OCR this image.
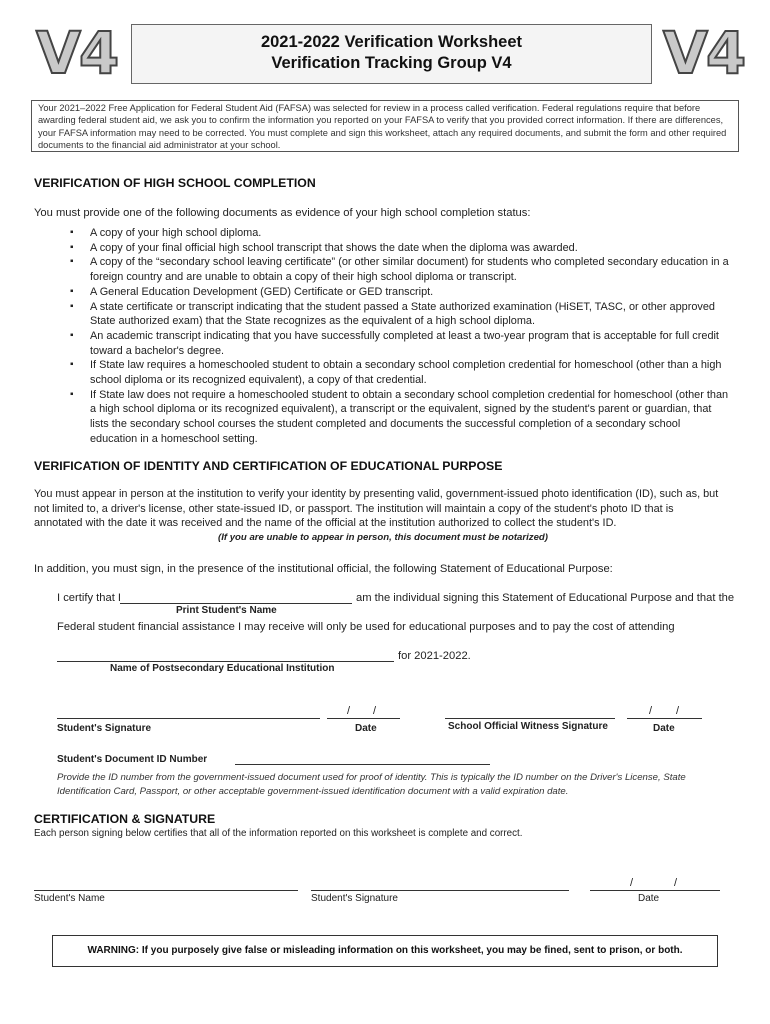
V4	2021-2022 Verification Worksheet
Verification Tracking Group V4	V4
Your 2021–2022 Free Application for Federal Student Aid (FAFSA) was selected for review in a process called verification. Federal regulations require that before awarding federal student aid, we ask you to confirm the information you reported on your FAFSA to verify that you provided correct information. If there are differences, your FAFSA information may need to be corrected. You must complete and sign this worksheet, attach any required documents, and submit the form and other required documents to the financial aid administrator at your school.
VERIFICATION OF HIGH SCHOOL COMPLETION
You must provide one of the following documents as evidence of your high school completion status:
▪ A copy of your high school diploma.
▪ A copy of your final official high school transcript that shows the date when the diploma was awarded.
▪ A copy of the “secondary school leaving certificate” (or other similar document) for students who completed secondary education in a foreign country and are unable to obtain a copy of their high school diploma or transcript.
▪ A General Education Development (GED) Certificate or GED transcript.
▪ A state certificate or transcript indicating that the student passed a State authorized examination (HiSET, TASC, or other approved State authorized exam) that the State recognizes as the equivalent of a high school diploma.
▪ An academic transcript indicating that you have successfully completed at least a two-year program that is acceptable for full credit toward a bachelor's degree.
▪ If State law requires a homeschooled student to obtain a secondary school completion credential for homeschool (other than a high school diploma or its recognized equivalent), a copy of that credential.
▪ If State law does not require a homeschooled student to obtain a secondary school completion credential for homeschool (other than a high school diploma or its recognized equivalent), a transcript or the equivalent, signed by the student's parent or guardian, that lists the secondary school courses the student completed and documents the successful completion of a secondary school education in a homeschool setting.
VERIFICATION OF IDENTITY AND CERTIFICATION OF EDUCATIONAL PURPOSE
You must appear in person at the institution to verify your identity by presenting valid, government-issued photo identification (ID), such as, but not limited to, a driver's license, other state-issued ID, or passport. The institution will maintain a copy of the student's photo ID that is annotated with the date it was received and the name of the official at the institution authorized to collect the student's ID.
(If you are unable to appear in person, this document must be notarized)
In addition, you must sign, in the presence of the institutional official, the following Statement of Educational Purpose:
I certify that I	am the individual signing this Statement of Educational Purpose and that the
Print Student's Name
Federal student financial assistance I may receive will only be used for educational purposes and to pay the cost of attending
for 2021-2022.
Name of Postsecondary Educational Institution
/ /	/ /
Student's Signature	Date	School Official Witness Signature	Date
Student's Document ID Number
Provide the ID number from the government-issued document used for proof of identity. This is typically the ID number on the Driver's License, State Identification Card, Passport, or other acceptable government-issued identification document with a valid expiration date.
CERTIFICATION & SIGNATURE
Each person signing below certifies that all of the information reported on this worksheet is complete and correct.
/	/
Student's Name	Student's Signature	Date
WARNING: If you purposely give false or misleading information on this worksheet, you may be fined, sent to prison, or both.
